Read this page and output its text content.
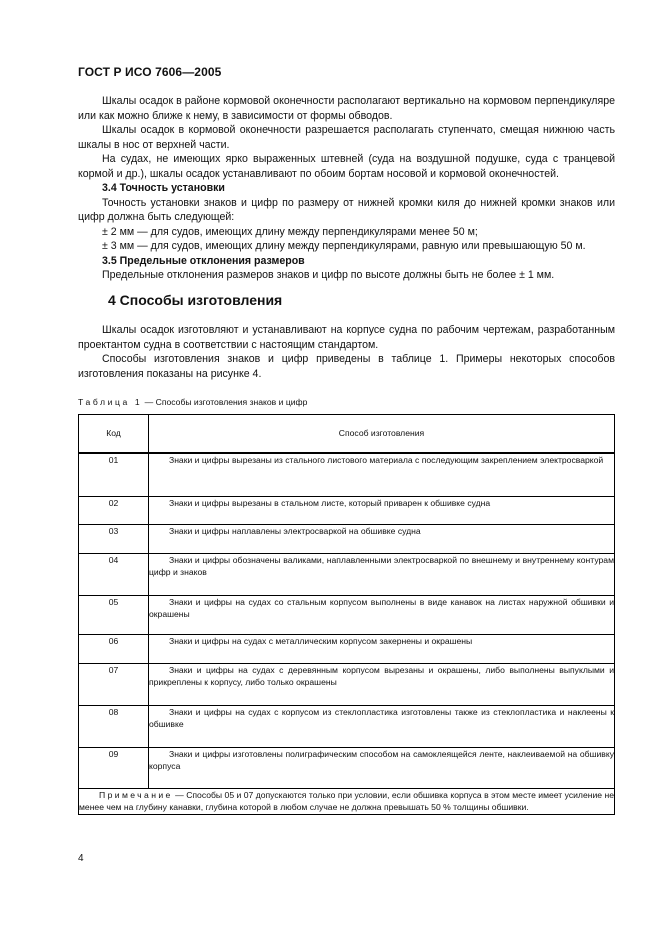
ГОСТ Р ИСО 7606—2005

Шкалы осадок в районе кормовой оконечности располагают вертикально на кормовом перпендикуляре или как можно ближе к нему, в зависимости от формы обводов.

Шкалы осадок в кормовой оконечности разрешается располагать ступенчато, смещая нижнюю часть шкалы в нос от верхней части.

На судах, не имеющих ярко выраженных штевней (суда на воздушной подушке, суда с транцевой кормой и др.), шкалы осадок устанавливают по обоим бортам носовой и кормовой оконечностей.

3.4 Точность установки

Точность установки знаков и цифр по размеру от нижней кромки киля до нижней кромки знаков или цифр должна быть следующей:

± 2 мм — для судов, имеющих длину между перпендикулярами менее 50 м;

± 3 мм — для судов, имеющих длину между перпендикулярами, равную или превышающую 50 м.

3.5 Предельные отклонения размеров

Предельные отклонения размеров знаков и цифр по высоте должны быть не более ± 1 мм.

4 Способы изготовления

Шкалы осадок изготовляют и устанавливают на корпусе судна по рабочим чертежам, разработанным проектантом судна в соответствии с настоящим стандартом.

Способы изготовления знаков и цифр приведены в таблице 1. Примеры некоторых способов изготовления показаны на рисунке 4.

Таблица 1 — Способы изготовления знаков и цифр
Код	Способ изготовления
01	Знаки и цифры вырезаны из стального листового материала с последующим закреплением электросваркой
02	Знаки и цифры вырезаны в стальном листе, который приварен к обшивке судна
03	Знаки и цифры наплавлены электросваркой на обшивке судна
04	Знаки и цифры обозначены валиками, наплавленными электросваркой по внешнему и внутреннему контурам цифр и знаков
05	Знаки и цифры на судах со стальным корпусом выполнены в виде канавок на листах наружной обшивки и окрашены
06	Знаки и цифры на судах с металлическим корпусом закернены и окрашены
07	Знаки и цифры на судах с деревянным корпусом вырезаны и окрашены, либо выполнены выпуклыми и прикреплены к корпусу, либо только окрашены
08	Знаки и цифры на судах с корпусом из стеклопластика изготовлены также из стеклопластика и наклеены к обшивке
09	Знаки и цифры изготовлены полиграфическим способом на самоклеящейся ленте, наклеиваемой на обшивку корпуса
Примечание — Способы 05 и 07 допускаются только при условии, если обшивка корпуса в этом месте имеет усиление не менее чем на глубину канавки, глубина которой в любом случае не должна превышать 50 % толщины обшивки.	
4
